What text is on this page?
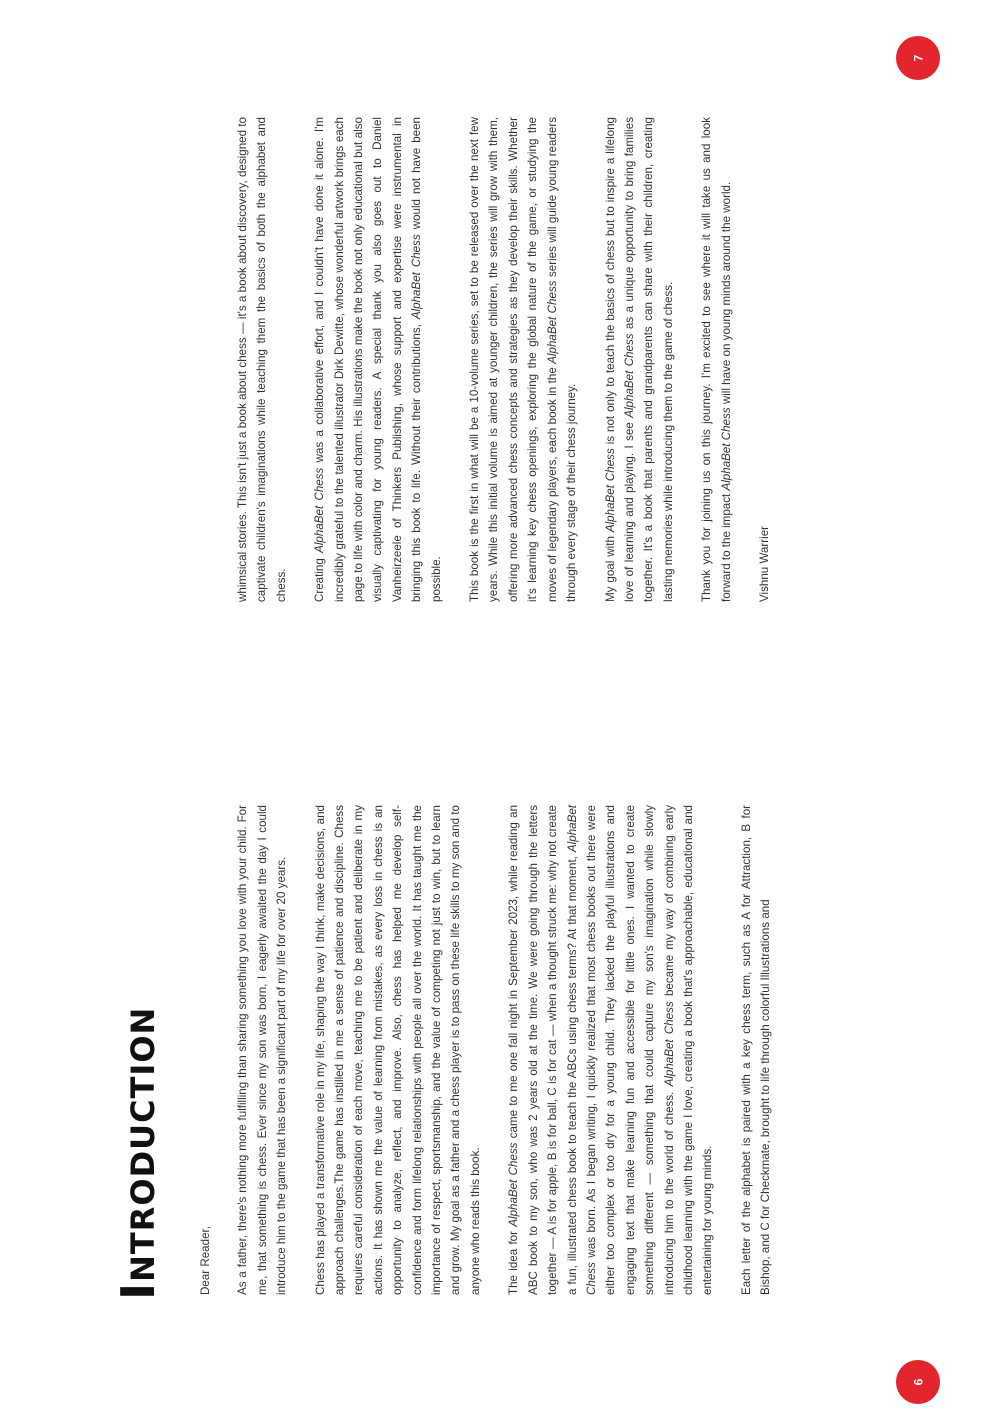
6
7
Introduction	Dear Reader, As a father, there's nothing more fulfilling than sharing something you love with your child. For me, that something is chess. Ever since my son was born, I eagerly awaited the day I could introduce him to the game that has been a significant part of my life for over 20 years. Chess has played a transformative role in my life, shaping the way I think, make decisions, and approach challenges.The game has instilled in me a sense of patience and discipline. Chess requires careful consideration of each move, teaching me to be patient and deliberate in my actions. It has shown me the value of learning from mistakes, as every loss in chess is an opportunity to analyze, reflect, and improve. Also, chess has helped me develop self-confidence and form lifelong relationships with people all over the world. It has taught me the importance of respect, sportsmanship, and the value of competing not just to win, but to learn and grow. My goal as a father and a chess player is to pass on these life skills to my son and to anyone who reads this book. The idea for AlphaBet Chess came to me one fall night in September 2023, while reading an ABC book to my son, who was 2 years old at the time. We were going through the letters together — A is for apple, B is for ball, C is for cat — when a thought struck me: why not create a fun, illustrated chess book to teach the ABCs using chess terms? At that moment, AlphaBet Chess was born. As I began writing, I quickly realized that most chess books out there were either too complex or too dry for a young child. They lacked the playful illustrations and engaging text that make learning fun and accessible for little ones. I wanted to create something different — something that could capture my son's imagination while slowly introducing him to the world of chess. AlphaBet Chess became my way of combining early childhood learning with the game I love, creating a book that's approachable, educational and entertaining for young minds. Each letter of the alphabet is paired with a key chess term, such as A for Attraction, B for Bishop, and C for Checkmate, brought to life through colorful Illustrations and

whimsical stories. This isn't just a book about chess — it's a book about discovery, designed to captivate children's imaginations while teaching them the basics of both the alphabet and chess. Creating AlphaBet Chess was a collaborative effort, and I couldn't have done it alone. I'm incredibly grateful to the talented illustrator Dirk Dewitte, whose wonderful artwork brings each page to life with color and charm. His illustrations make the book not only educational but also visually captivating for young readers. A special thank you also goes out to Daniel Vanheirzeele of Thinkers Publishing, whose support and expertise were instrumental in bringing this book to life. Without their contributions, AlphaBet Chess would not have been possible. This book is the first in what will be a 10-volume series, set to be released over the next few years. While this initial volume is aimed at younger children, the series will grow with them, offering more advanced chess concepts and strategies as they develop their skills. Whether it's learning key chess openings, exploring the global nature of the game, or studying the moves of legendary players, each book in the AlphaBet Chess series will guide young readers through every stage of their chess journey. My goal with AlphaBet Chess is not only to teach the basics of chess but to inspire a lifelong love of learning and playing. I see AlphaBet Chess as a unique opportunity to bring families together. It's a book that parents and grandparents can share with their children, creating lasting memories while introducing them to the game of chess. Thank you for joining us on this journey. I'm excited to see where it will take us and look forward to the impact AlphaBet Chess will have on young minds around the world.

Vishnu Warrier
